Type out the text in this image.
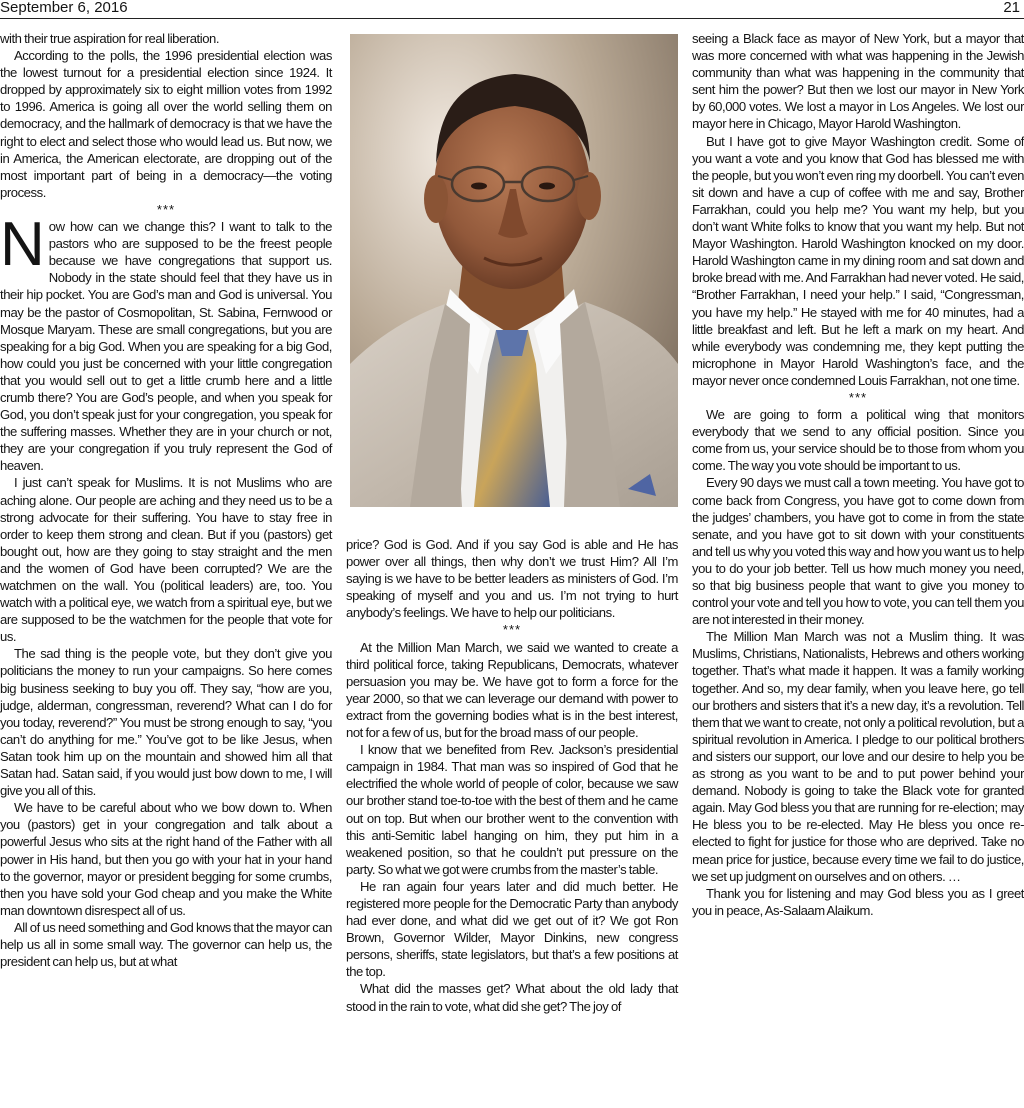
September 6, 2016	21

with their true aspiration for real liberation.

According to the polls, the 1996 presidential election was the lowest turnout for a presidential election since 1924. It dropped by approximately six to eight million votes from 1992 to 1996. America is going all over the world selling them on democracy, and the hallmark of democracy is that we have the right to elect and select those who would lead us. But now, we in America, the American electorate, are dropping out of the most important part of being in a democracy—the voting process.

***

Now how can we change this? I want to talk to the pastors who are supposed to be the freest people because we have congregations that support us. Nobody in the state should feel that they have us in their hip pocket. You are God’s man and God is universal. You may be the pastor of Cosmopolitan, St. Sabina, Fernwood or Mosque Maryam. These are small congregations, but you are speaking for a big God. When you are speaking for a big God, how could you just be concerned with your little congregation that you would sell out to get a little crumb here and a little crumb there? You are God’s people, and when you speak for God, you don’t speak just for your congregation, you speak for the suffering masses. Whether they are in your church or not, they are your congregation if you truly represent the God of heaven.

I just can’t speak for Muslims. It is not Muslims who are aching alone. Our people are aching and they need us to be a strong advocate for their suffering. You have to stay free in order to keep them strong and clean. But if you (pastors) get bought out, how are they going to stay straight and the men and the women of God have been corrupted? We are the watchmen on the wall. You (political leaders) are, too. You watch with a political eye, we watch from a spiritual eye, but we are supposed to be the watchmen for the people that vote for us.

The sad thing is the people vote, but they don’t give you politicians the money to run your campaigns. So here comes big business seeking to buy you off. They say, “how are you, judge, alderman, congressman, reverend? What can I do for you today, reverend?” You must be strong enough to say, “you can’t do anything for me.” You’ve got to be like Jesus, when Satan took him up on the mountain and showed him all that Satan had. Satan said, if you would just bow down to me, I will give you all of this.

We have to be careful about who we bow down to. When you (pastors) get in your congregation and talk about a powerful Jesus who sits at the right hand of the Father with all power in His hand, but then you go with your hat in your hand to the governor, mayor or president begging for some crumbs, then you have sold your God cheap and you make the White man downtown disrespect all of us.

All of us need something and God knows that the mayor can help us all in some small way. The governor can help us, the president can help us, but at what

price? God is God. And if you say God is able and He has power over all things, then why don’t we trust Him? All I’m saying is we have to be better leaders as ministers of God. I’m speaking of myself and you and us. I’m not trying to hurt anybody’s feelings. We have to help our politicians.

***

At the Million Man March, we said we wanted to create a third political force, taking Republicans, Democrats, whatever persuasion you may be. We have got to form a force for the year 2000, so that we can leverage our demand with power to extract from the governing bodies what is in the best interest, not for a few of us, but for the broad mass of our people.

I know that we benefited from Rev. Jackson’s presidential campaign in 1984. That man was so inspired of God that he electrified the whole world of people of color, because we saw our brother stand toe-to-toe with the best of them and he came out on top. But when our brother went to the convention with this anti-Semitic label hanging on him, they put him in a weakened position, so that he couldn’t put pressure on the party. So what we got were crumbs from the master’s table.

He ran again four years later and did much better. He registered more people for the Democratic Party than anybody had ever done, and what did we get out of it? We got Ron Brown, Governor Wilder, Mayor Dinkins, new congress persons, sheriffs, state legislators, but that’s a few positions at the top.

What did the masses get? What about the old lady that stood in the rain to vote, what did she get? The joy of

seeing a Black face as mayor of New York, but a mayor that was more concerned with what was happening in the Jewish community than what was happening in the community that sent him the power? But then we lost our mayor in New York by 60,000 votes. We lost a mayor in Los Angeles. We lost our mayor here in Chicago, Mayor Harold Washington.

But I have got to give Mayor Washington credit. Some of you want a vote and you know that God has blessed me with the people, but you won’t even ring my doorbell. You can’t even sit down and have a cup of coffee with me and say, Brother Farrakhan, could you help me? You want my help, but you don’t want White folks to know that you want my help. But not Mayor Washington. Harold Washington knocked on my door. Harold Washington came in my dining room and sat down and broke bread with me. And Farrakhan had never voted. He said, “Brother Farrakhan, I need your help.” I said, “Congressman, you have my help.” He stayed with me for 40 minutes, had a little breakfast and left. But he left a mark on my heart. And while everybody was condemning me, they kept putting the microphone in Mayor Harold Washington’s face, and the mayor never once condemned Louis Farrakhan, not one time.

***

We are going to form a political wing that monitors everybody that we send to any official position. Since you come from us, your service should be to those from whom you come. The way you vote should be important to us.

Every 90 days we must call a town meeting. You have got to come back from Congress, you have got to come down from the judges’ chambers, you have got to come in from the state senate, and you have got to sit down with your constituents and tell us why you voted this way and how you want us to help you to do your job better. Tell us how much money you need, so that big business people that want to give you money to control your vote and tell you how to vote, you can tell them you are not interested in their money.

The Million Man March was not a Muslim thing. It was Muslims, Christians, Nationalists, Hebrews and others working together. That’s what made it happen. It was a family working together. And so, my dear family, when you leave here, go tell our brothers and sisters that it’s a new day, it’s a revolution. Tell them that we want to create, not only a political revolution, but a spiritual revolution in America. I pledge to our political brothers and sisters our support, our love and our desire to help you be as strong as you want to be and to put power behind your demand. Nobody is going to take the Black vote for granted again. May God bless you that are running for re-election; may He bless you to be re-elected. May He bless you once re-elected to fight for justice for those who are deprived. Take no mean price for justice, because every time we fail to do justice, we set up judgment on ourselves and on others. …

Thank you for listening and may God bless you as I greet you in peace, As-Salaam Alaikum.
